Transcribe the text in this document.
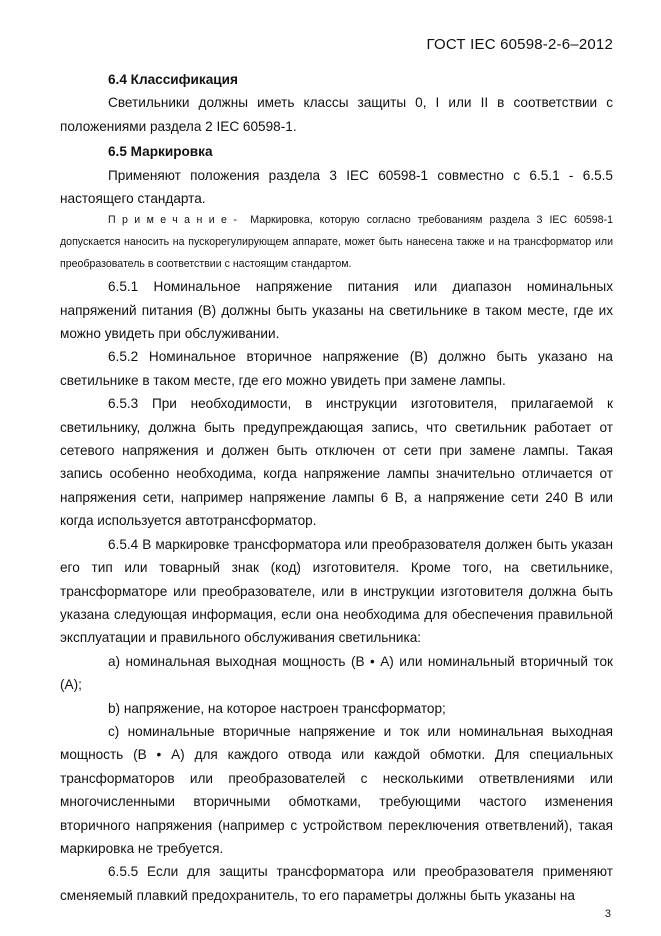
ГОСТ IEC 60598-2-6–2012

6.4 Классификация

Светильники должны иметь классы защиты 0, I или II в соответствии с положениями раздела 2 IEC 60598-1.

6.5 Маркировка

Применяют положения раздела 3 IEC 60598-1 совместно с 6.5.1 - 6.5.5 настоящего стандарта.

Примечание- Маркировка, которую согласно требованиям раздела 3 IEC 60598-1 допускается наносить на пускорегулирующем аппарате, может быть нанесена также и на трансформатор или преобразователь в соответствии с настоящим стандартом.

6.5.1 Номинальное напряжение питания или диапазон номинальных напряжений питания (В) должны быть указаны на светильнике в таком месте, где их можно увидеть при обслуживании.

6.5.2 Номинальное вторичное напряжение (В) должно быть указано на светильнике в таком месте, где его можно увидеть при замене лампы.

6.5.3 При необходимости, в инструкции изготовителя, прилагаемой к светильнику, должна быть предупреждающая запись, что светильник работает от сетевого напряжения и должен быть отключен от сети при замене лампы. Такая запись особенно необходима, когда напряжение лампы значительно отличается от напряжения сети, например напряжение лампы 6 В, а напряжение сети 240 В или когда используется автотрансформатор.

6.5.4 В маркировке трансформатора или преобразователя должен быть указан его тип или товарный знак (код) изготовителя. Кроме того, на светильнике, трансформаторе или преобразователе, или в инструкции изготовителя должна быть указана следующая информация, если она необходима для обеспечения правильной эксплуатации и правильного обслуживания светильника:

а) номинальная выходная мощность (В • А) или номинальный вторичный ток (А);

b) напряжение, на которое настроен трансформатор;

с) номинальные вторичные напряжение и ток или номинальная выходная мощность (В • А) для каждого отвода или каждой обмотки. Для специальных трансформаторов или преобразователей с несколькими ответвлениями или многочисленными вторичными обмотками, требующими частого изменения вторичного напряжения (например с устройством переключения ответвлений), такая маркировка не требуется.

6.5.5 Если для защиты трансформатора или преобразователя применяют сменяемый плавкий предохранитель, то его параметры должны быть указаны на

3
